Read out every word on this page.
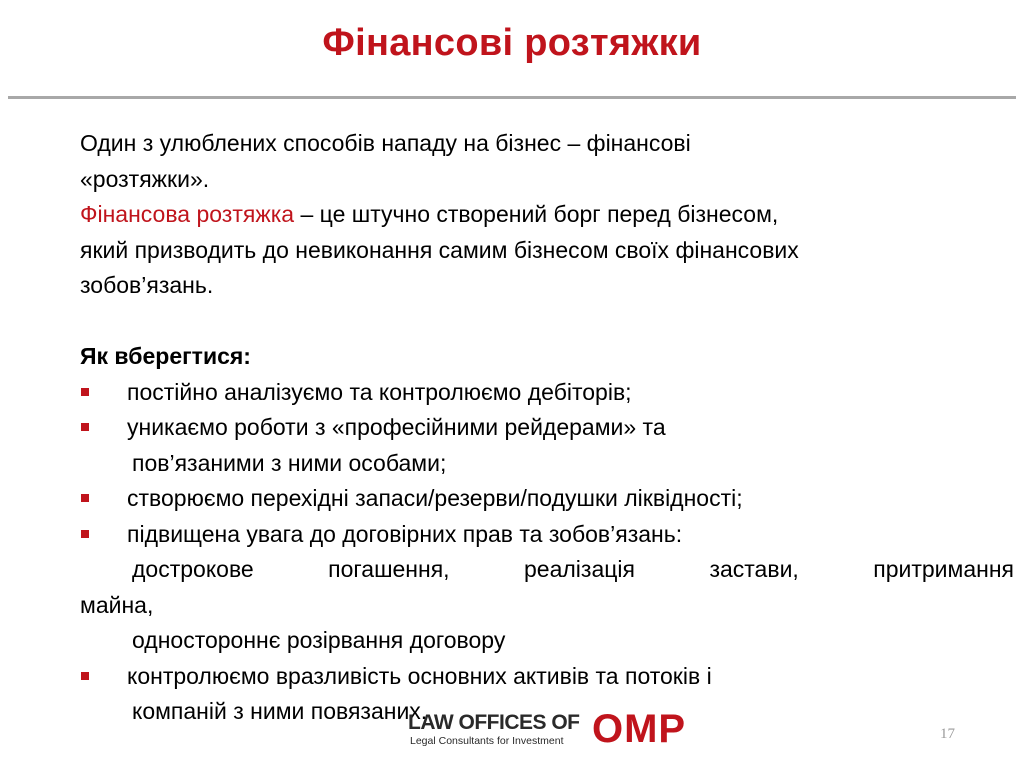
Фінансові розтяжки

Один з улюблених способів нападу на бізнес – фінансові

«розтяжки».

Фінансова розтяжка – це штучно створений борг перед бізнесом,

який призводить до невиконання самим бізнесом своїх фінансових

зобов’язань.

Як вберегтися:

постійно аналізуємо та контролюємо дебіторів;

уникаємо роботи з «професійними рейдерами» та

пов’язаними з ними особами;

створюємо перехідні запаси/резерви/подушки ліквідності;

підвищена увага до договірних прав та зобов’язань:

дострокове погашення, реалізація застави, притримання

майна,

одностороннє розірвання договору

контролюємо вразливість основних активів та потоків і

компаній з ними повязаних.

LAW OFFICES OF
Legal Consultants for Investment OMP	17
